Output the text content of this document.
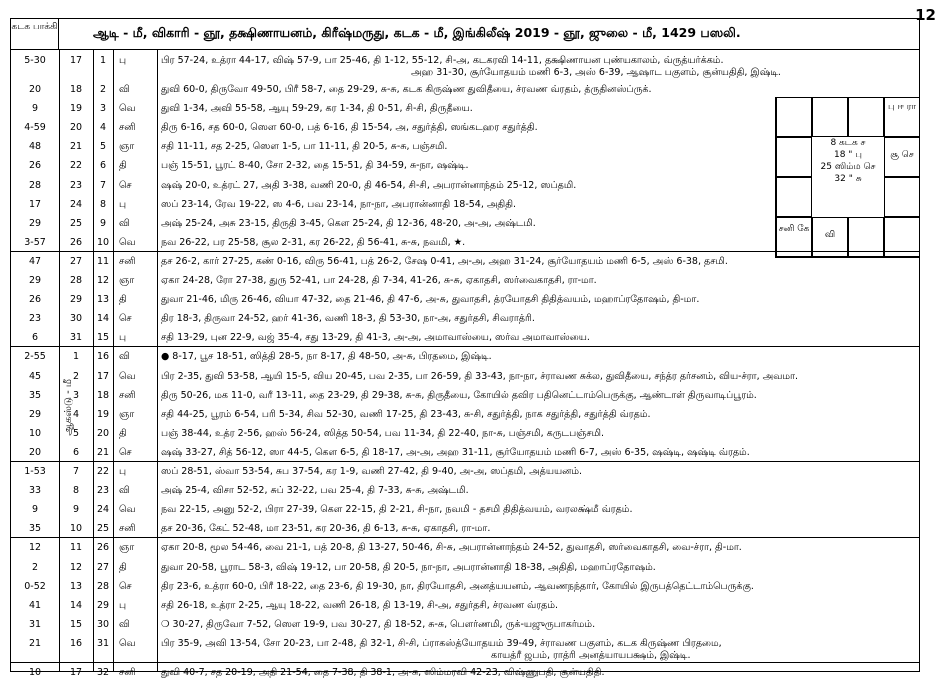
12
கடக பாக்கி	ஆடி - மீ, விகாரி - ஞூ, தக்ஷிணாயனம், கிரீஷ்மருது, கடக - மீ, இங்கிலீஷ் 2019 - ஞூ, ஜுலை - மீ, 1429 பஸலி.
ஆகஸ்டு - மீ
பு ஈ ரா
சூ செ
சனி கே
வி
8 கடக ச
18 " பு
25 ஸிம்ம செ
32 " சு
5-30	17	1	பு	பிர 57-24, உத்ரா 44-17, விஷ் 57-9, பா 25-46, தி 1-12, 55-12, சி-அ, கடகரவி 14-11, தக்ஷிணாயன புண்யகாலம், வ்ருத்யர்க்கம்.
அஹ 31-30, சூர்யோதயம் மணி 6-3, அஸ் 6-39, ஆஷாட பகுளம், சூன்யதிதி, இஷ்டி.
20	18	2	வி	துவி 60-0, திருவோ 49-50, பிரீ 58-7, தை 29-29, சு-சு, கடக கிருஷ்ண துவிதீயை, ச்ரவண வ்ரதம், த்ருதினஸ்ப்ருக்.
9	19	3	வெ	துவி 1-34, அவி 55-58, ஆயு 59-29, கர 1-34, தி 0-51, சி-சி, திருதீயை.
4-59	20	4	சனி	திரு 6-16, சத 60-0, ஸௌ 60-0, பத் 6-16, தி 15-54, அ, சதுர்த்தி, ஸங்கடஹர சதுர்த்தி.
48	21	5	ஞா	சதி 11-11, சத 2-25, ஸௌ 1-5, பா 11-11, தி 20-5, சு-சு, பஞ்சமி.
26	22	6	தி	பஞ் 15-51, பூரட் 8-40, சோ 2-32, தை 15-51, தி 34-59, சு-நா, ஷஷ்டி.
28	23	7	செ	ஷஷ் 20-0, உத்ரட் 27, அதி 3-38, வணி 20-0, தி 46-54, சி-சி, அபரான்னாந்தம் 25-12, ஸப்தமி.
17	24	8	பு	ஸப் 23-14, ரேவ 19-22, ஸ 4-6, பவ 23-14, நா-நா, அபரான்னாதி 18-54, அதிதி.
29	25	9	வி	அஷ் 25-24, அசு 23-15, திருதி 3-45, கௌ 25-24, தி 12-36, 48-20, அ-அ, அஷ்டமி.
3-57	26	10	வெ	நவ 26-22, பர 25-58, சூல 2-31, கர 26-22, தி 56-41, சு-சு, நவமி, ★.
47	27	11	சனி	தச 26-2, கார் 27-25, கண் 0-16, விரு 56-41, பத் 26-2, சேஷ 0-41, அ-அ, அஹ 31-24, சூர்யோதயம் மணி 6-5, அஸ் 6-38, தசமி.
29	28	12	ஞா	ஏகா 24-28, ரோ 27-38, துரு 52-41, பா 24-28, தி 7-34, 41-26, சு-சு, ஏகாதசி, ஸர்வைகாதசி, ரா-மா.
26	29	13	தி	துவா 21-46, மிரு 26-46, வியா 47-32, தை 21-46, தி 47-6, அ-சு, துவாதசி, த்ரயோதசி திதித்வயம், மஹாப்ரதோஷம், தி-மா.
23	30	14	செ	திர 18-3, திருவா 24-52, ஹர் 41-36, வணி 18-3, தி 53-30, நா-அ, சதுர்தசி, சிவராத்ரி.
6	31	15	பு	சதி 13-29, புன 22-9, வஜ் 35-4, சது 13-29, தி 41-3, அ-அ, அமாவாஸ்யை, ஸர்வ அமாவாஸ்யை.
2-55	1	16	வி	● 8-17, பூச 18-51, ஸித்தி 28-5, நா 8-17, தி 48-50, அ-சு, பிரதமை, இஷ்டி.
45	2	17	வெ	பிர 2-35, துவி 53-58, ஆயி 15-5, விய 20-45, பவ 2-35, பா 26-59, தி 33-43, நா-நா, ச்ராவண சுக்ல, துவிதீயை, சந்த்ர தர்சனம், விய-ச்ரா, அவமா.
35	3	18	சனி	திரு 50-26, மக 11-0, வரீ 13-11, தை 23-29, தி 29-38, சு-சு, திருதீயை, கோயில் தவிர பதினெட்டாம்பெருக்கு, ஆண்டாள் திருவாடிப்பூரம்.
29	4	19	ஞா	சதி 44-25, பூரம் 6-54, பரி 5-34, சிவ 52-30, வணி 17-25, தி 23-43, சு-சி, சதுர்த்தி, நாக சதுர்த்தி, சதுர்த்தி வ்ரதம்.
10	5	20	தி	பஞ் 38-44, உத்ர 2-56, ஹஸ் 56-24, ஸித்த 50-54, பவ 11-34, தி 22-40, நா-சு, பஞ்சமி, கருடபஞ்சமி.
20	6	21	செ	ஷஷ் 33-27, சித் 56-12, ஸா 44-5, கௌ 6-5, தி 18-17, அ-அ, அஹ 31-11, சூர்யோதயம் மணி 6-7, அஸ் 6-35, ஷஷ்டி, ஷஷ்டி வ்ரதம்.
1-53	7	22	பு	ஸப் 28-51, ஸ்வா 53-54, சுப 37-54, கர 1-9, வணி 27-42, தி 9-40, அ-அ, ஸப்தமி, அத்யயனம்.
33	8	23	வி	அஷ் 25-4, விசா 52-52, சுப் 32-22, பவ 25-4, தி 7-33, சு-சு, அஷ்டமி.
9	9	24	வெ	நவ 22-15, அனு 52-2, பிரா 27-39, கௌ 22-15, தி 2-21, சி-நா, நவமி - தசமி திதித்வயம், வரலக்ஷ்மீ வ்ரதம்.
35	10	25	சனி	தச 20-36, கேட் 52-48, மா 23-51, கர 20-36, தி 6-13, சு-சு, ஏகாதசி, ரா-மா.
12	11	26	ஞா	ஏகா 20-8, மூல 54-46, வை 21-1, பத் 20-8, தி 13-27, 50-46, சி-சு, அபரான்னாந்தம் 24-52, துவாதசி, ஸர்வைகாதசி, வை-ச்ரா, தி-மா.
2	12	27	தி	துவா 20-58, பூராட 58-3, விஷ் 19-12, பா 20-58, தி 20-5, நா-நா, அபரான்னாதி 18-38, அதிதி, மஹாப்ரதோஷம்.
0-52	13	28	செ	திர 23-6, உத்ரா 60-0, பிரீ 18-22, தை 23-6, தி 19-30, நா, திரயோதசி, அனத்யயனம், ஆவணநந்தார், கோயில் இருபத்தெட்டாம்பெருக்கு.
41	14	29	பு	சதி 26-18, உத்ரா 2-25, ஆயு 18-22, வணி 26-18, தி 13-19, சி-அ, சதுர்தசி, ச்ரவண வ்ரதம்.
31	15	30	வி	❍ 30-27, திருவோ 7-52, ஸௌ 19-9, பவ 30-27, தி 18-52, சு-சு, பௌர்ணமி, ருக்-யஜுருபாகர்மம்.
21	16	31	வெ	பிர 35-9, அவி 13-54, சோ 20-23, பா 2-48, தி 32-1, சி-சி, ப்ராகஸ்த்யோதயம் 39-49, ச்ராவண பகுளம், கடக கிருஷ்ண பிரதமை,
காயத்ரீ ஜபம், ராத்ரி அனத்யாயபக்ஷம், இஷ்டி.
10	17	32	சனி	துவி 40-7, சத 20-19, அதி 21-54, தை 7-38, தி 38-1, அ-சு, ஸிம்மரவி 42-23, விஷ்ணுபதி, சூன்யதிதி.
